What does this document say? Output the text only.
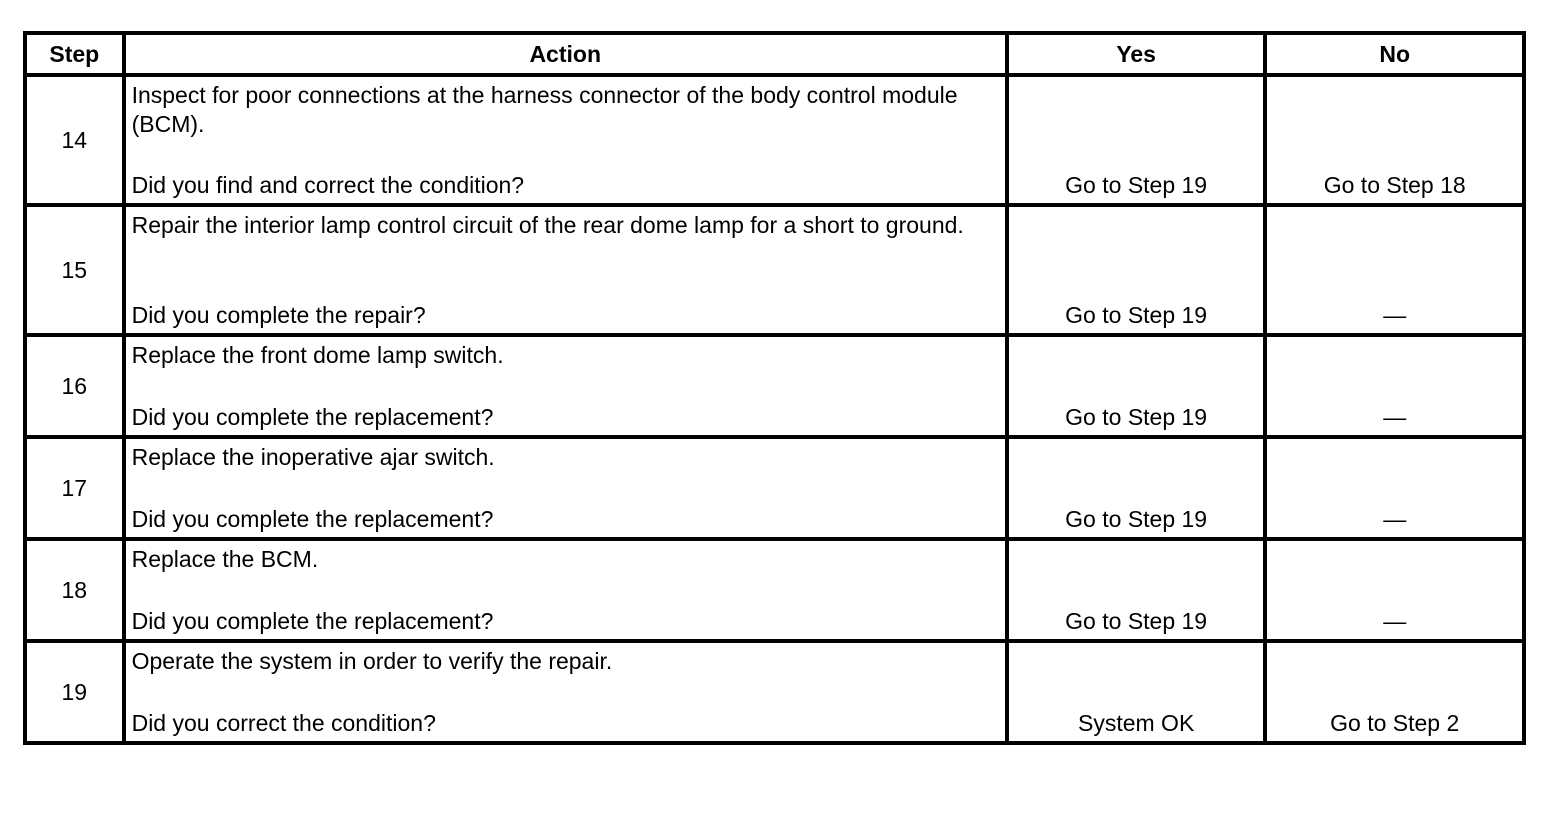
Step	Action	Yes	No
14	Inspect for poor connections at the harness connector of the body control module (BCM).
Did you find and correct the condition?	Go to Step 19	Go to Step 18

15	Repair the interior lamp control circuit of the rear dome lamp for a short to ground.
Did you complete the repair?	Go to Step 19	—

16	Replace the front dome lamp switch.
Did you complete the replacement?	Go to Step 19	—

17	Replace the inoperative ajar switch.
Did you complete the replacement?	Go to Step 19	—

18	Replace the BCM.
Did you complete the replacement?	Go to Step 19	—

19	Operate the system in order to verify the repair.
Did you correct the condition?	System OK	Go to Step 2
